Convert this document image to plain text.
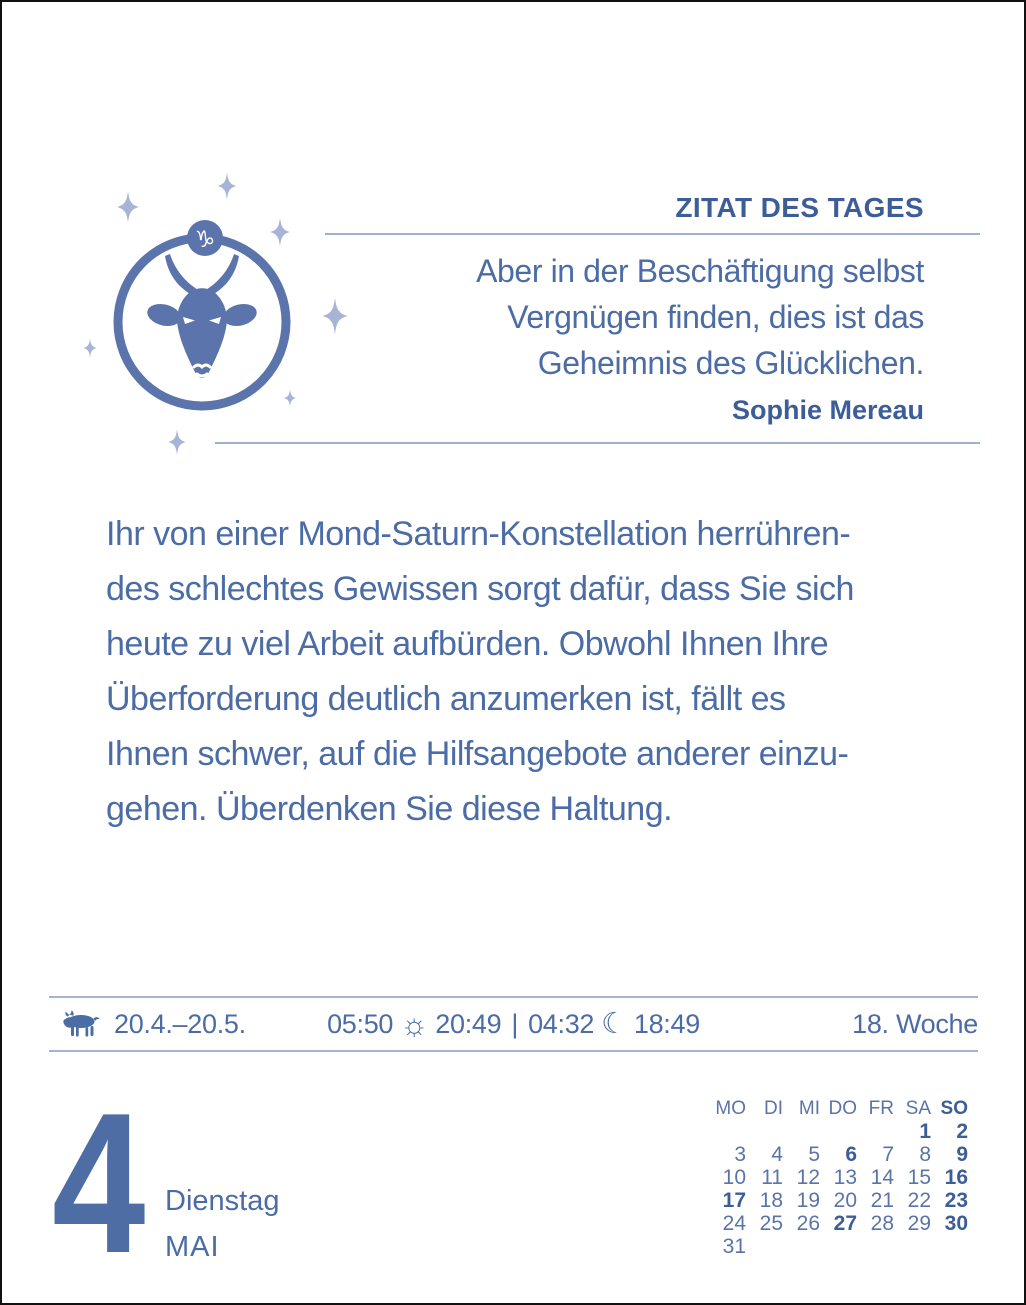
♑
ZITAT DES TAGES
Aber in der Beschäftigung selbst
Vergnügen finden, dies ist das
Geheimnis des Glücklichen.
Sophie Mereau
Ihr von einer Mond-Saturn-Konstellation herrühren-
des schlechtes Gewissen sorgt dafür, dass Sie sich
heute zu viel Arbeit aufbürden. Obwohl Ihnen Ihre
Überforderung deutlich anzumerken ist, fällt es
Ihnen schwer, auf die Hilfsangebote anderer einzu-
gehen. Überdenken Sie diese Haltung.
20.4.–20.5.	05:50 ☼ 20:49 | 04:32 ☾ 18:49	18. Woche
4 Dienstag
MAI
MO	DI	MI	DO	FR	SA	SO
					1	2
3	4	5	6	7	8	9
10	11	12	13	14	15	16
17	18	19	20	21	22	23
24	25	26	27	28	29	30
31						
